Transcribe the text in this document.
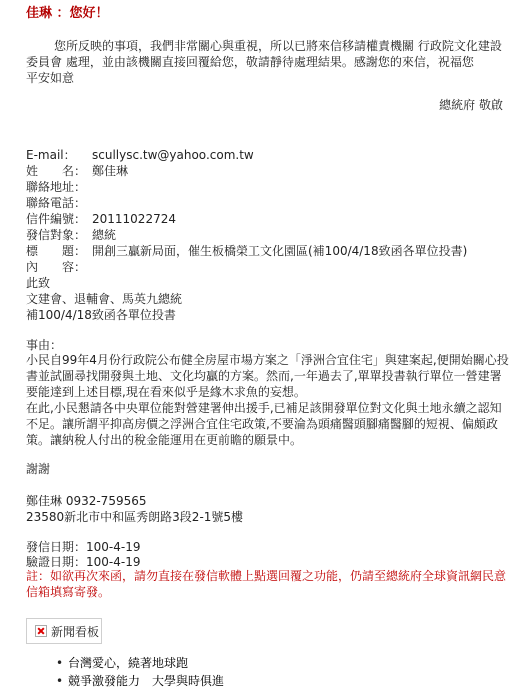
佳琳 ：您好！
您所反映的事項，我們非常關心與重視，所以已將來信移請權責機關 行政院文化建設委員會 處理，並由該機關直接回覆給您，敬請靜待處理結果。感謝您的來信，祝福您
平安如意
總統府 敬啟
E-mail： scullysc.tw@yahoo.com.tw
姓　　名： 鄭佳琳
聯絡地址：
聯絡電話：
信件編號： 20111022724
發信對象： 總統
標　　題： 開創三贏新局面，催生板橋榮工文化園區(補100/4/18致函各單位投書)
內　　容：
此致
文建會、退輔會、馬英九總統
補100/4/18致函各單位投書
事由：
小民自99年4月份行政院公布健全房屋市場方案之「淨洲合宜住宅」與建案起,便開始關心投書並試圖尋找開發與土地、文化均贏的方案。然而,一年過去了,單單投書執行單位一營建署要能達到上述目標,現在看來似乎是緣木求魚的妄想。
在此,小民懇請各中央單位能對營建署伸出援手,已補足該開發單位對文化與土地永續之認知不足。讓所謂平抑高房價之浮洲合宜住宅政策,不要淪為頭痛醫頭腳痛醫腳的短視、偏頗政策。讓納稅人付出的稅金能運用在更前瞻的願景中。
謝謝
鄭佳琳 0932-759565
23580新北市中和區秀朗路3段2-1號5樓
發信日期：100-4-19
驗證日期：100-4-19
註：如欲再次來函，請勿直接在發信軟體上點選回覆之功能，仍請至總統府全球資訊網民意信箱填寫寄發。
新聞看板
• 台灣愛心，繞著地球跑
• 競爭激發能力　大學與時俱進
